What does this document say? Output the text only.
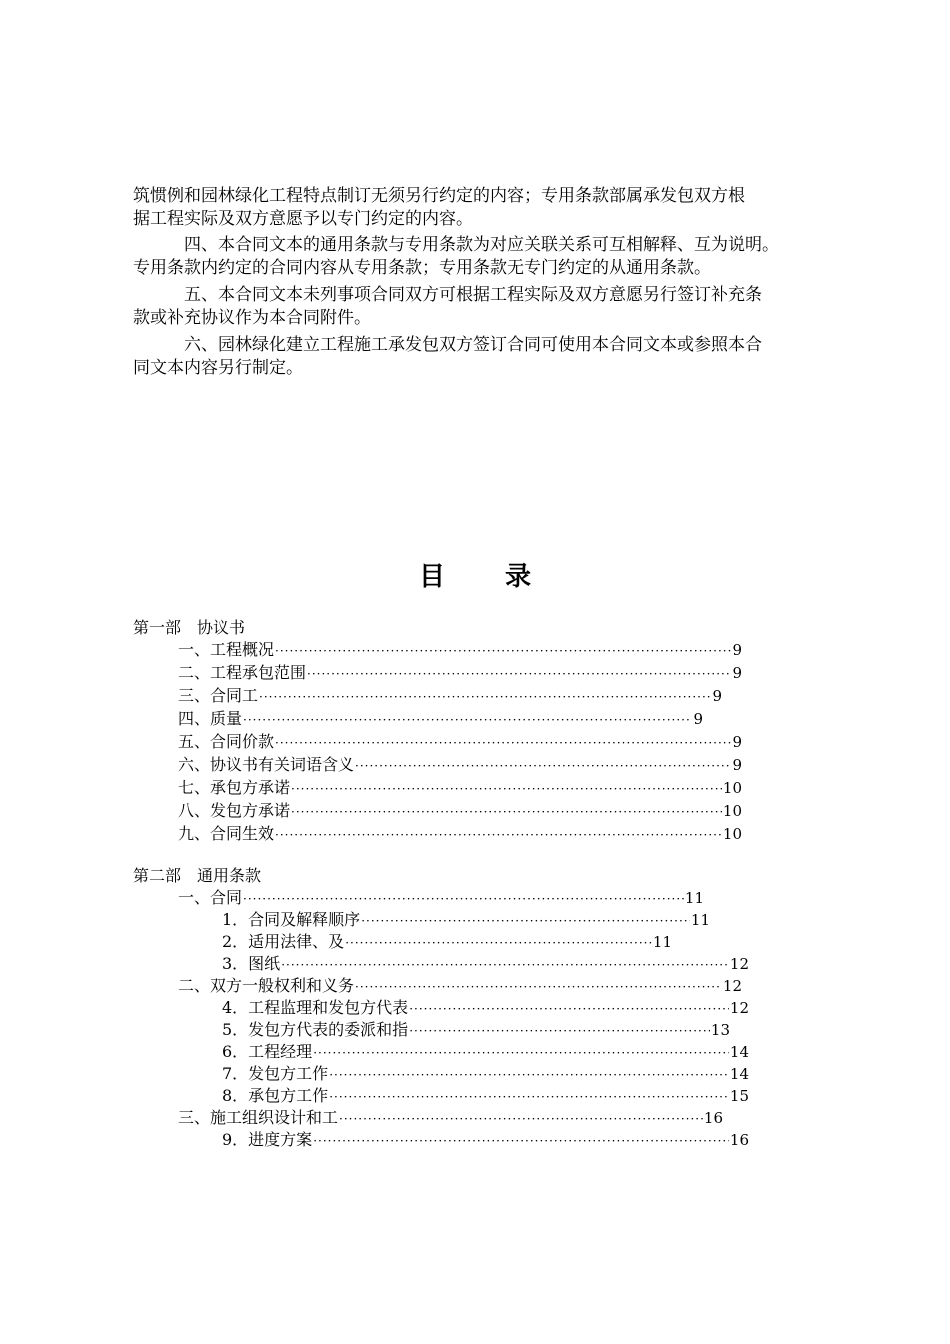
筑惯例和园林绿化工程特点制订无须另行约定的内容；专用条款部属承发包双方根
据工程实际及双方意愿予以专门约定的内容。
　　　四、本合同文本的通用条款与专用条款为对应关联关系可互相解释、互为说明。
专用条款内约定的合同内容从专用条款；专用条款无专门约定的从通用条款。
　　　五、本合同文本未列事项合同双方可根据工程实际及双方意愿另行签订补充条
款或补充协议作为本合同附件。
　　　六、园林绿化建立工程施工承发包双方签订合同可使用本合同文本或参照本合
同文本内容另行制定。
目 录
第一部　协议书
一、工程概况 ·····	9
二、工程承包范围 ·····	9
三、合同工 ·····	9
四、质量 ·····	9
五、合同价款 ·····	9
六、协议书有关词语含义 ·····	9
七、承包方承诺 ·····	10
八、发包方承诺 ·····	10
九、合同生效 ·····	10
第二部　通用条款
一、合同 ·····	11
1．合同及解释顺序 ·····	11
2．适用法律、及 ·····	11
3．图纸 ·····	12
二、双方一般权利和义务 ·····	12
4．工程监理和发包方代表 ·····	12
5．发包方代表的委派和指 ·····	13
6．工程经理 ·····	14
7．发包方工作 ·····	14
8．承包方工作 ·····	15
三、施工组织设计和工 ·····	16
9．进度方案 ·····	16
